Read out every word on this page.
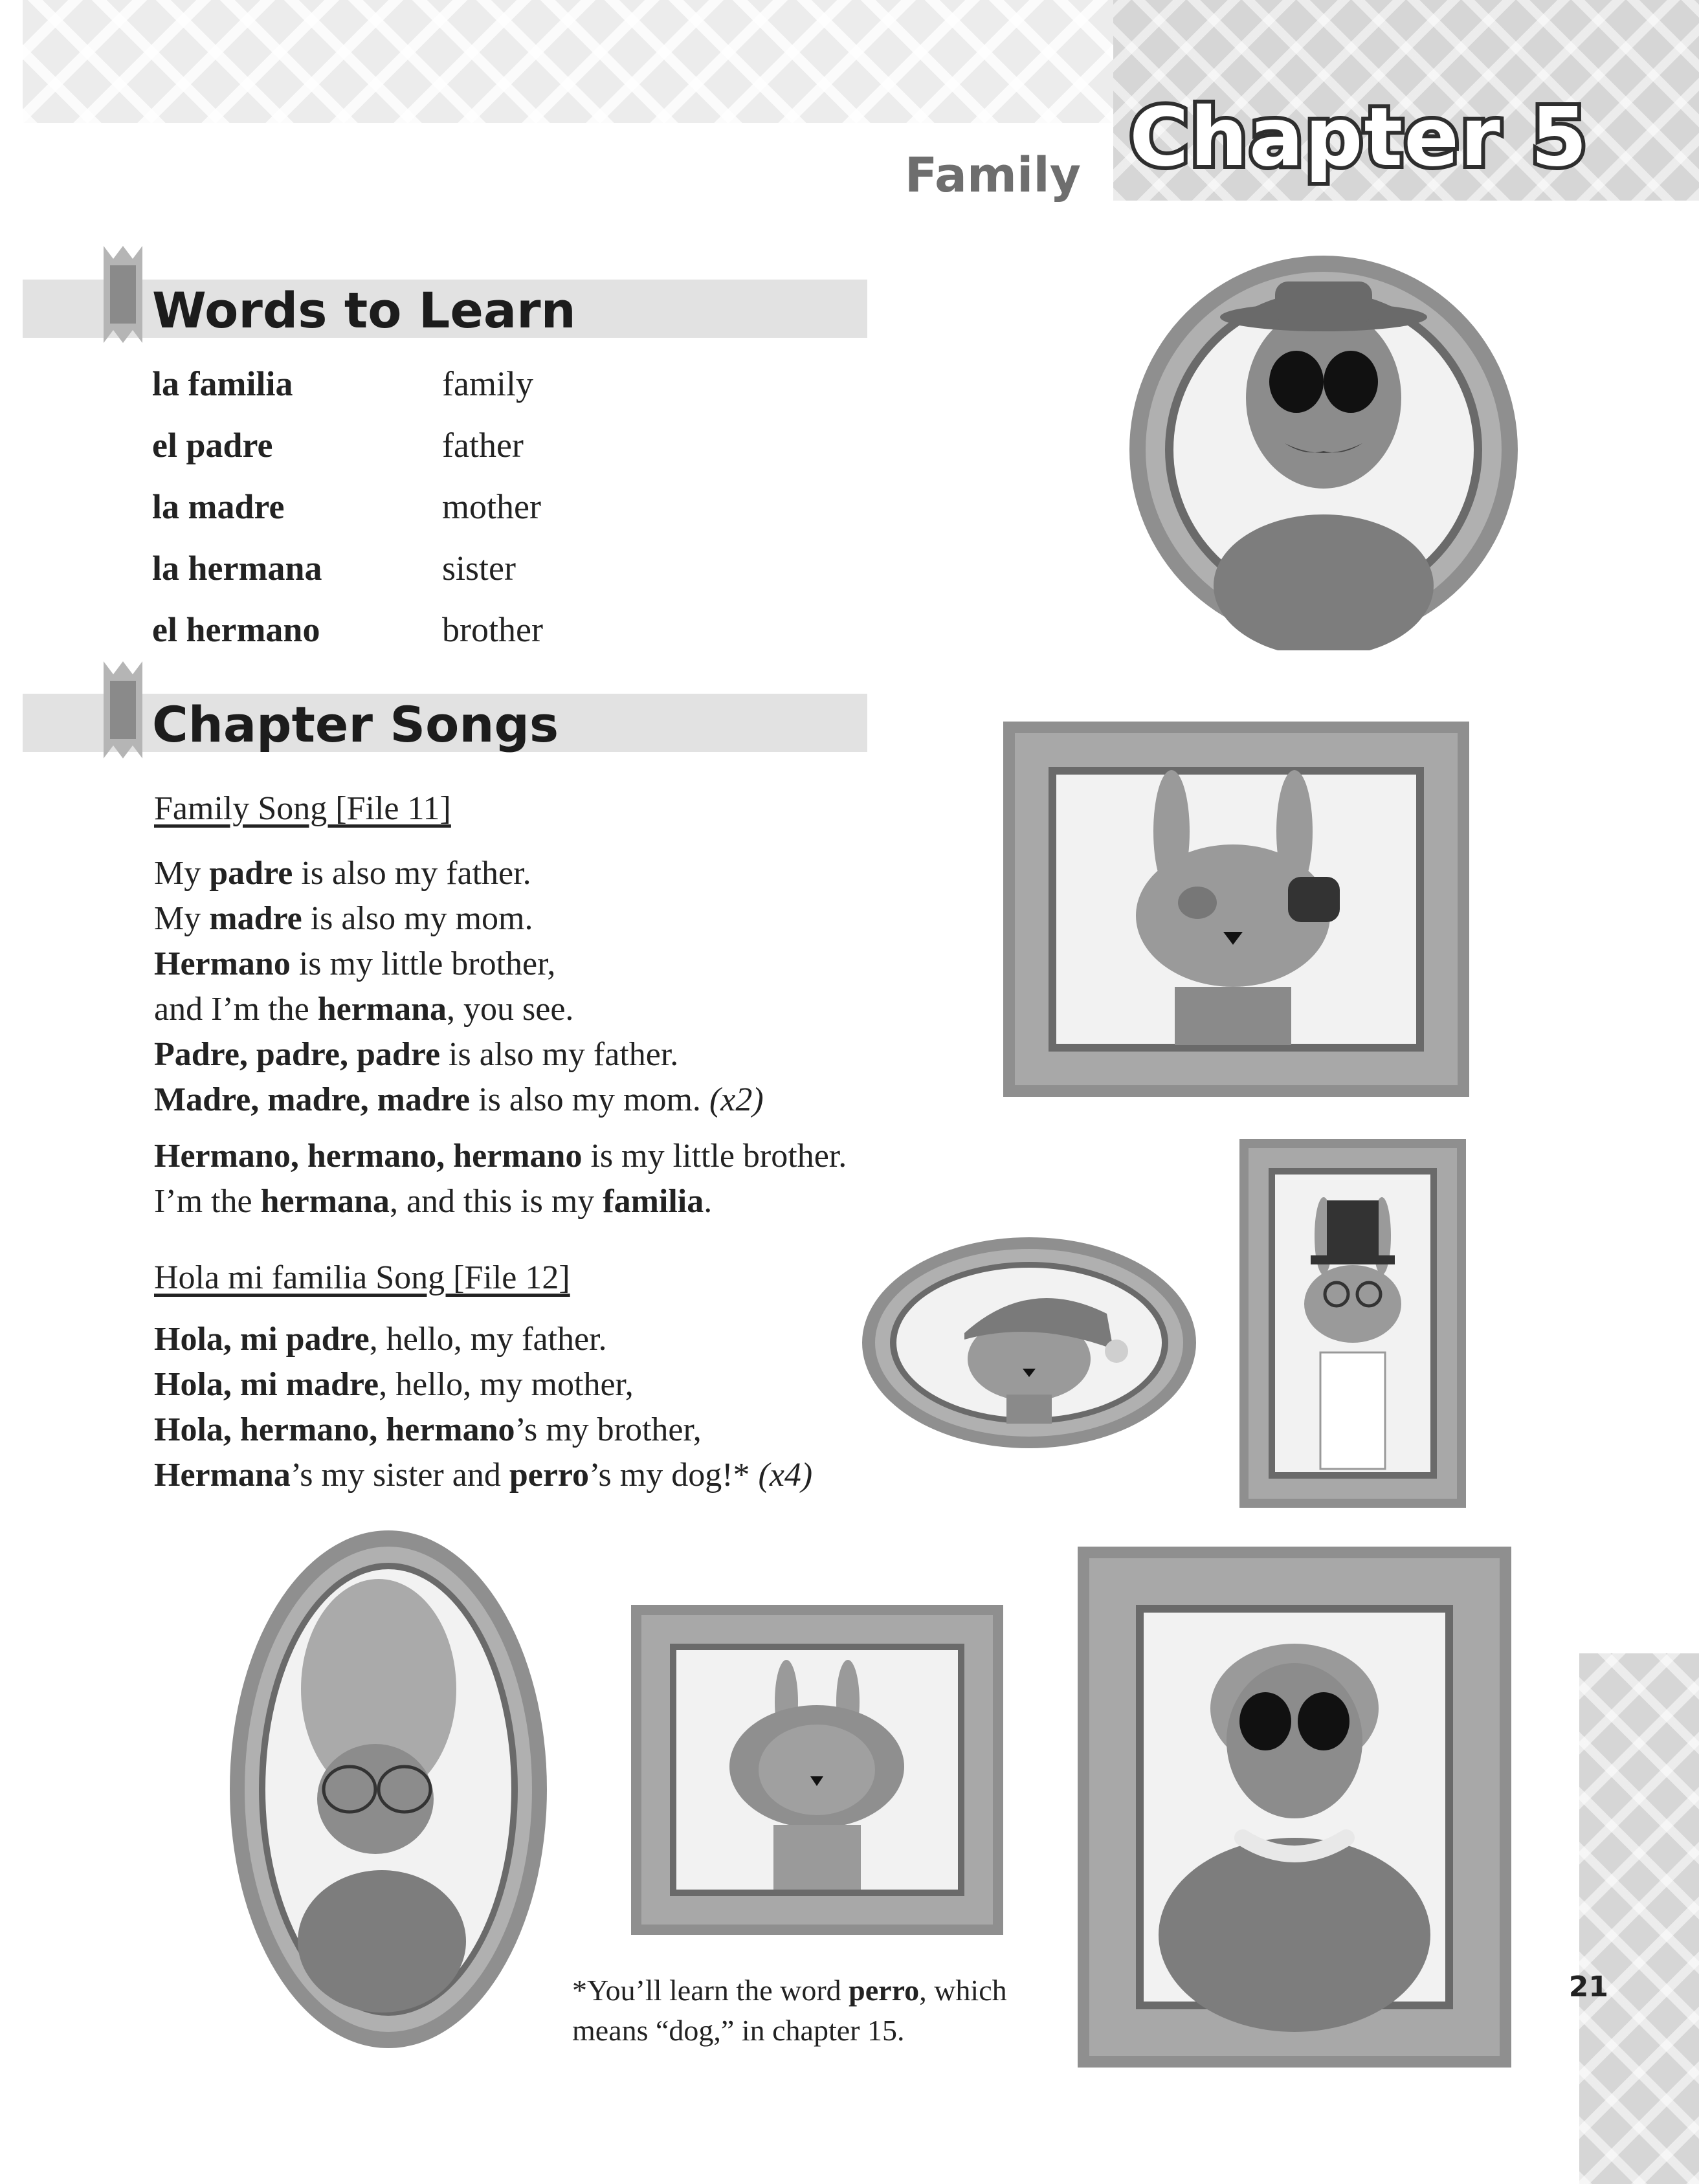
Chapter 5
Family
Words to Learn
la familia	family
el padre	father
la madre	mother
la hermana	sister
el hermano	brother
Chapter Songs
Family Song [File 11]
My padre is also my father.
My madre is also my mom.
Hermano is my little brother,
and I’m the hermana, you see.
Padre, padre, padre is also my father.
Madre, madre, madre is also my mom. (x2)
Hermano, hermano, hermano is my little brother.
I’m the hermana, and this is my familia.
Hola mi familia Song [File 12]
Hola, mi padre, hello, my father.
Hola, mi madre, hello, my mother,
Hola, hermano, hermano’s my brother,
Hermana’s my sister and perro’s my dog!* (x4)
*You’ll learn the word perro, which
means “dog,” in chapter 15.
21
